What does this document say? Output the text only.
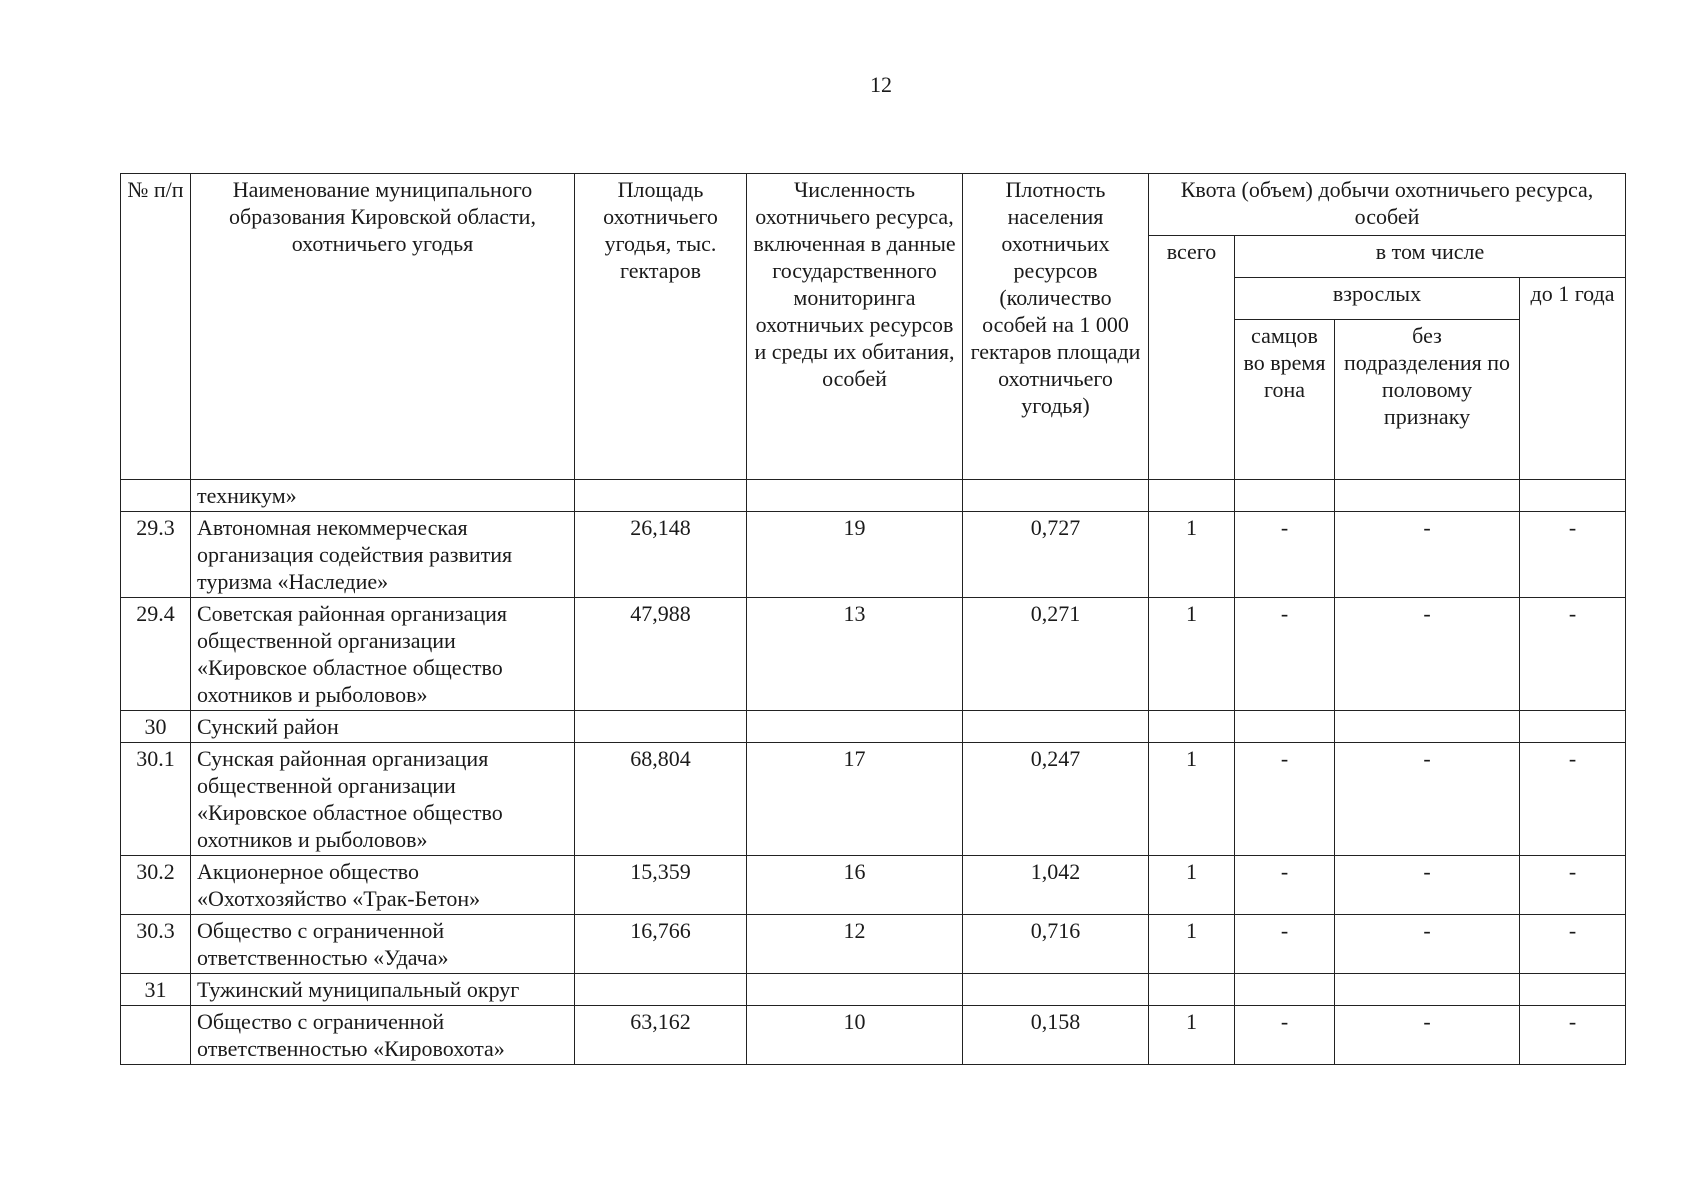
12
№ п/п	Наименование муниципального образования Кировской области, охотничьего угодья	Площадь охотничьего угодья, тыс. гектаров	Численность охотничьего ресурса, включенная в данные государственного мониторинга охотничьих ресурсов и среды их обитания, особей	Плотность населения охотничьих ресурсов (количество особей на 1 000 гектаров площади охотничьего угодья)	Квота (объем) добычи охотничьего ресурса, особей			
					всего	в том числе		
						взрослых		до 1 года
						самцов во время гона	без подразделения по половому признаку	
	техникум»							
29.3	Автономная некоммерческая организация содействия развития туризма «Наследие»	26,148	19	0,727	1	-	-	-
29.4	Советская районная организация общественной организации «Кировское областное общество охотников и рыболовов»	47,988	13	0,271	1	-	-	-
30	Сунский район							
30.1	Сунская районная организация общественной организации «Кировское областное общество охотников и рыболовов»	68,804	17	0,247	1	-	-	-
30.2	Акционерное общество «Охотхозяйство «Трак-Бетон»	15,359	16	1,042	1	-	-	-
30.3	Общество с ограниченной ответственностью «Удача»	16,766	12	0,716	1	-	-	-
31	Тужинский муниципальный округ							
	Общество с ограниченной ответственностью «Кировохота»	63,162	10	0,158	1	-	-	-
